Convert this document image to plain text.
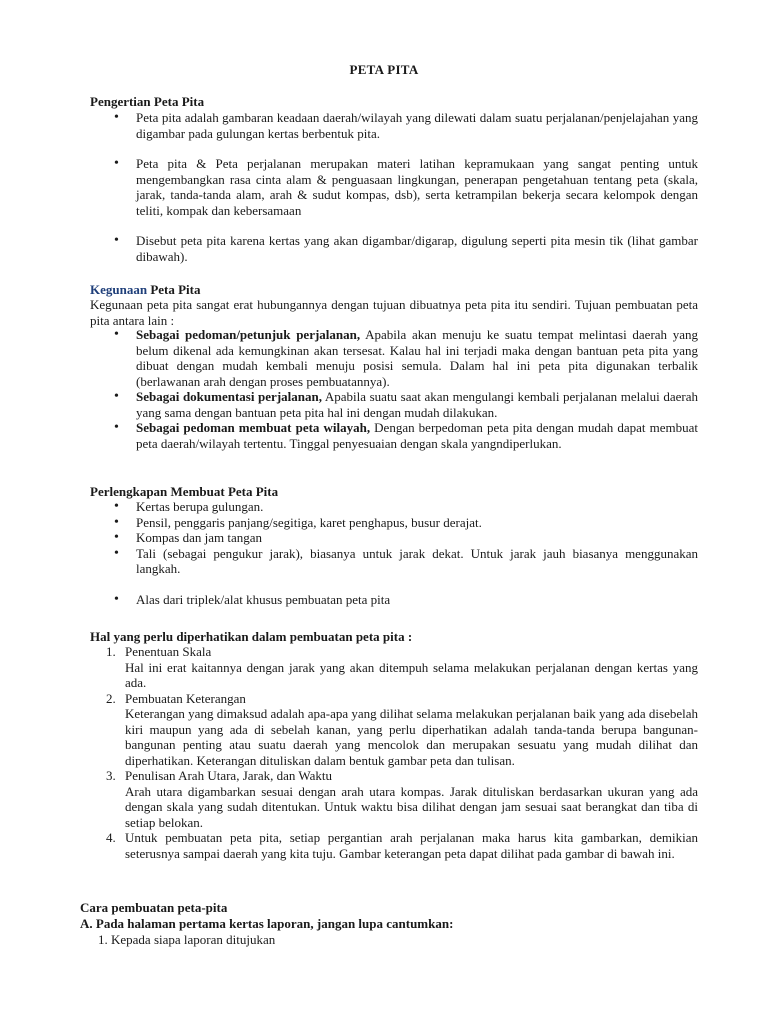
PETA PITA
Pengertian Peta Pita
• Peta pita adalah gambaran keadaan daerah/wilayah yang dilewati dalam suatu perjalanan/penjelajahan yang digambar pada gulungan kertas berbentuk pita.
• Peta pita & Peta perjalanan merupakan materi latihan kepramukaan yang sangat penting untuk mengembangkan rasa cinta alam & penguasaan lingkungan, penerapan pengetahuan tentang peta (skala, jarak, tanda-tanda alam, arah & sudut kompas, dsb), serta ketrampilan bekerja secara kelompok dengan teliti, kompak dan kebersamaan
• Disebut peta pita karena kertas yang akan digambar/digarap, digulung seperti pita mesin tik (lihat gambar dibawah).
Kegunaan Peta Pita
Kegunaan peta pita sangat erat hubungannya dengan tujuan dibuatnya peta pita itu sendiri. Tujuan pembuatan peta pita antara lain :
• Sebagai pedoman/petunjuk perjalanan, Apabila akan menuju ke suatu tempat melintasi daerah yang belum dikenal ada kemungkinan akan tersesat. Kalau hal ini terjadi maka dengan bantuan peta pita yang dibuat dengan mudah kembali menuju posisi semula. Dalam hal ini peta pita digunakan terbalik (berlawanan arah dengan proses pembuatannya).
• Sebagai dokumentasi perjalanan, Apabila suatu saat akan mengulangi kembali perjalanan melalui daerah yang sama dengan bantuan peta pita hal ini dengan mudah dilakukan.
• Sebagai pedoman membuat peta wilayah, Dengan berpedoman peta pita dengan mudah dapat membuat peta daerah/wilayah tertentu. Tinggal penyesuaian dengan skala yangndiperlukan.
Perlengkapan Membuat Peta Pita
• Kertas berupa gulungan.
• Pensil, penggaris panjang/segitiga, karet penghapus, busur derajat.
• Kompas dan jam tangan
• Tali (sebagai pengukur jarak), biasanya untuk jarak dekat. Untuk jarak jauh biasanya menggunakan langkah.
• Alas dari triplek/alat khusus pembuatan peta pita
Hal yang perlu diperhatikan dalam pembuatan peta pita :
1. Penentuan Skala
Hal ini erat kaitannya dengan jarak yang akan ditempuh selama melakukan perjalanan dengan kertas yang ada.
2. Pembuatan Keterangan
Keterangan yang dimaksud adalah apa-apa yang dilihat selama melakukan perjalanan baik yang ada disebelah kiri maupun yang ada di sebelah kanan, yang perlu diperhatikan adalah tanda-tanda berupa bangunan-bangunan penting atau suatu daerah yang mencolok dan merupakan sesuatu yang mudah dilihat dan diperhatikan. Keterangan dituliskan dalam bentuk gambar peta dan tulisan.
3. Penulisan Arah Utara, Jarak, dan Waktu
Arah utara digambarkan sesuai dengan arah utara kompas. Jarak dituliskan berdasarkan ukuran yang ada dengan skala yang sudah ditentukan. Untuk waktu bisa dilihat dengan jam sesuai saat berangkat dan tiba di setiap belokan.
4. Untuk pembuatan peta pita, setiap pergantian arah perjalanan maka harus kita gambarkan, demikian seterusnya sampai daerah yang kita tuju. Gambar keterangan peta dapat dilihat pada gambar di bawah ini.
Cara pembuatan peta-pita
A. Pada halaman pertama kertas laporan, jangan lupa cantumkan:
1. Kepada siapa laporan ditujukan
